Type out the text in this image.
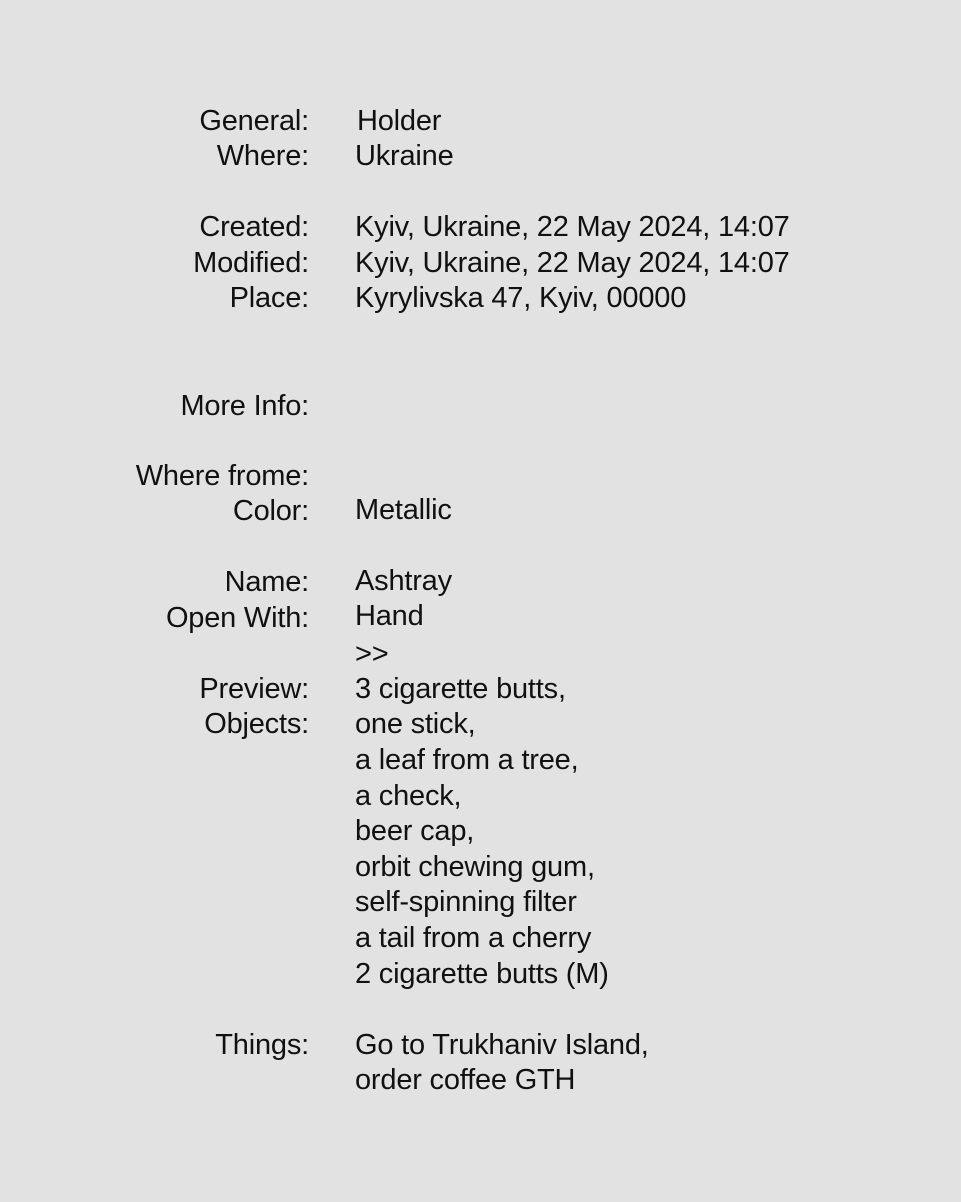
General: Holder
Where: Ukraine
Created: Kyiv, Ukraine, 22 May 2024, 14:07
Modified: Kyiv, Ukraine, 22 May 2024, 14:07
Place: Kyrylivska 47, Kyiv, 00000
More Info:
Where frome:
Color: Metallic
Name: Ashtray
Open With: Hand
>>
Preview:
Objects:
3 cigarette butts,
one stick,
a leaf from a tree,
a check,
beer cap,
orbit chewing gum,
self-spinning filter
a tail from a cherry
2 cigarette butts (M)
Things: Go to Trukhaniv Island,
order coffee GTH
